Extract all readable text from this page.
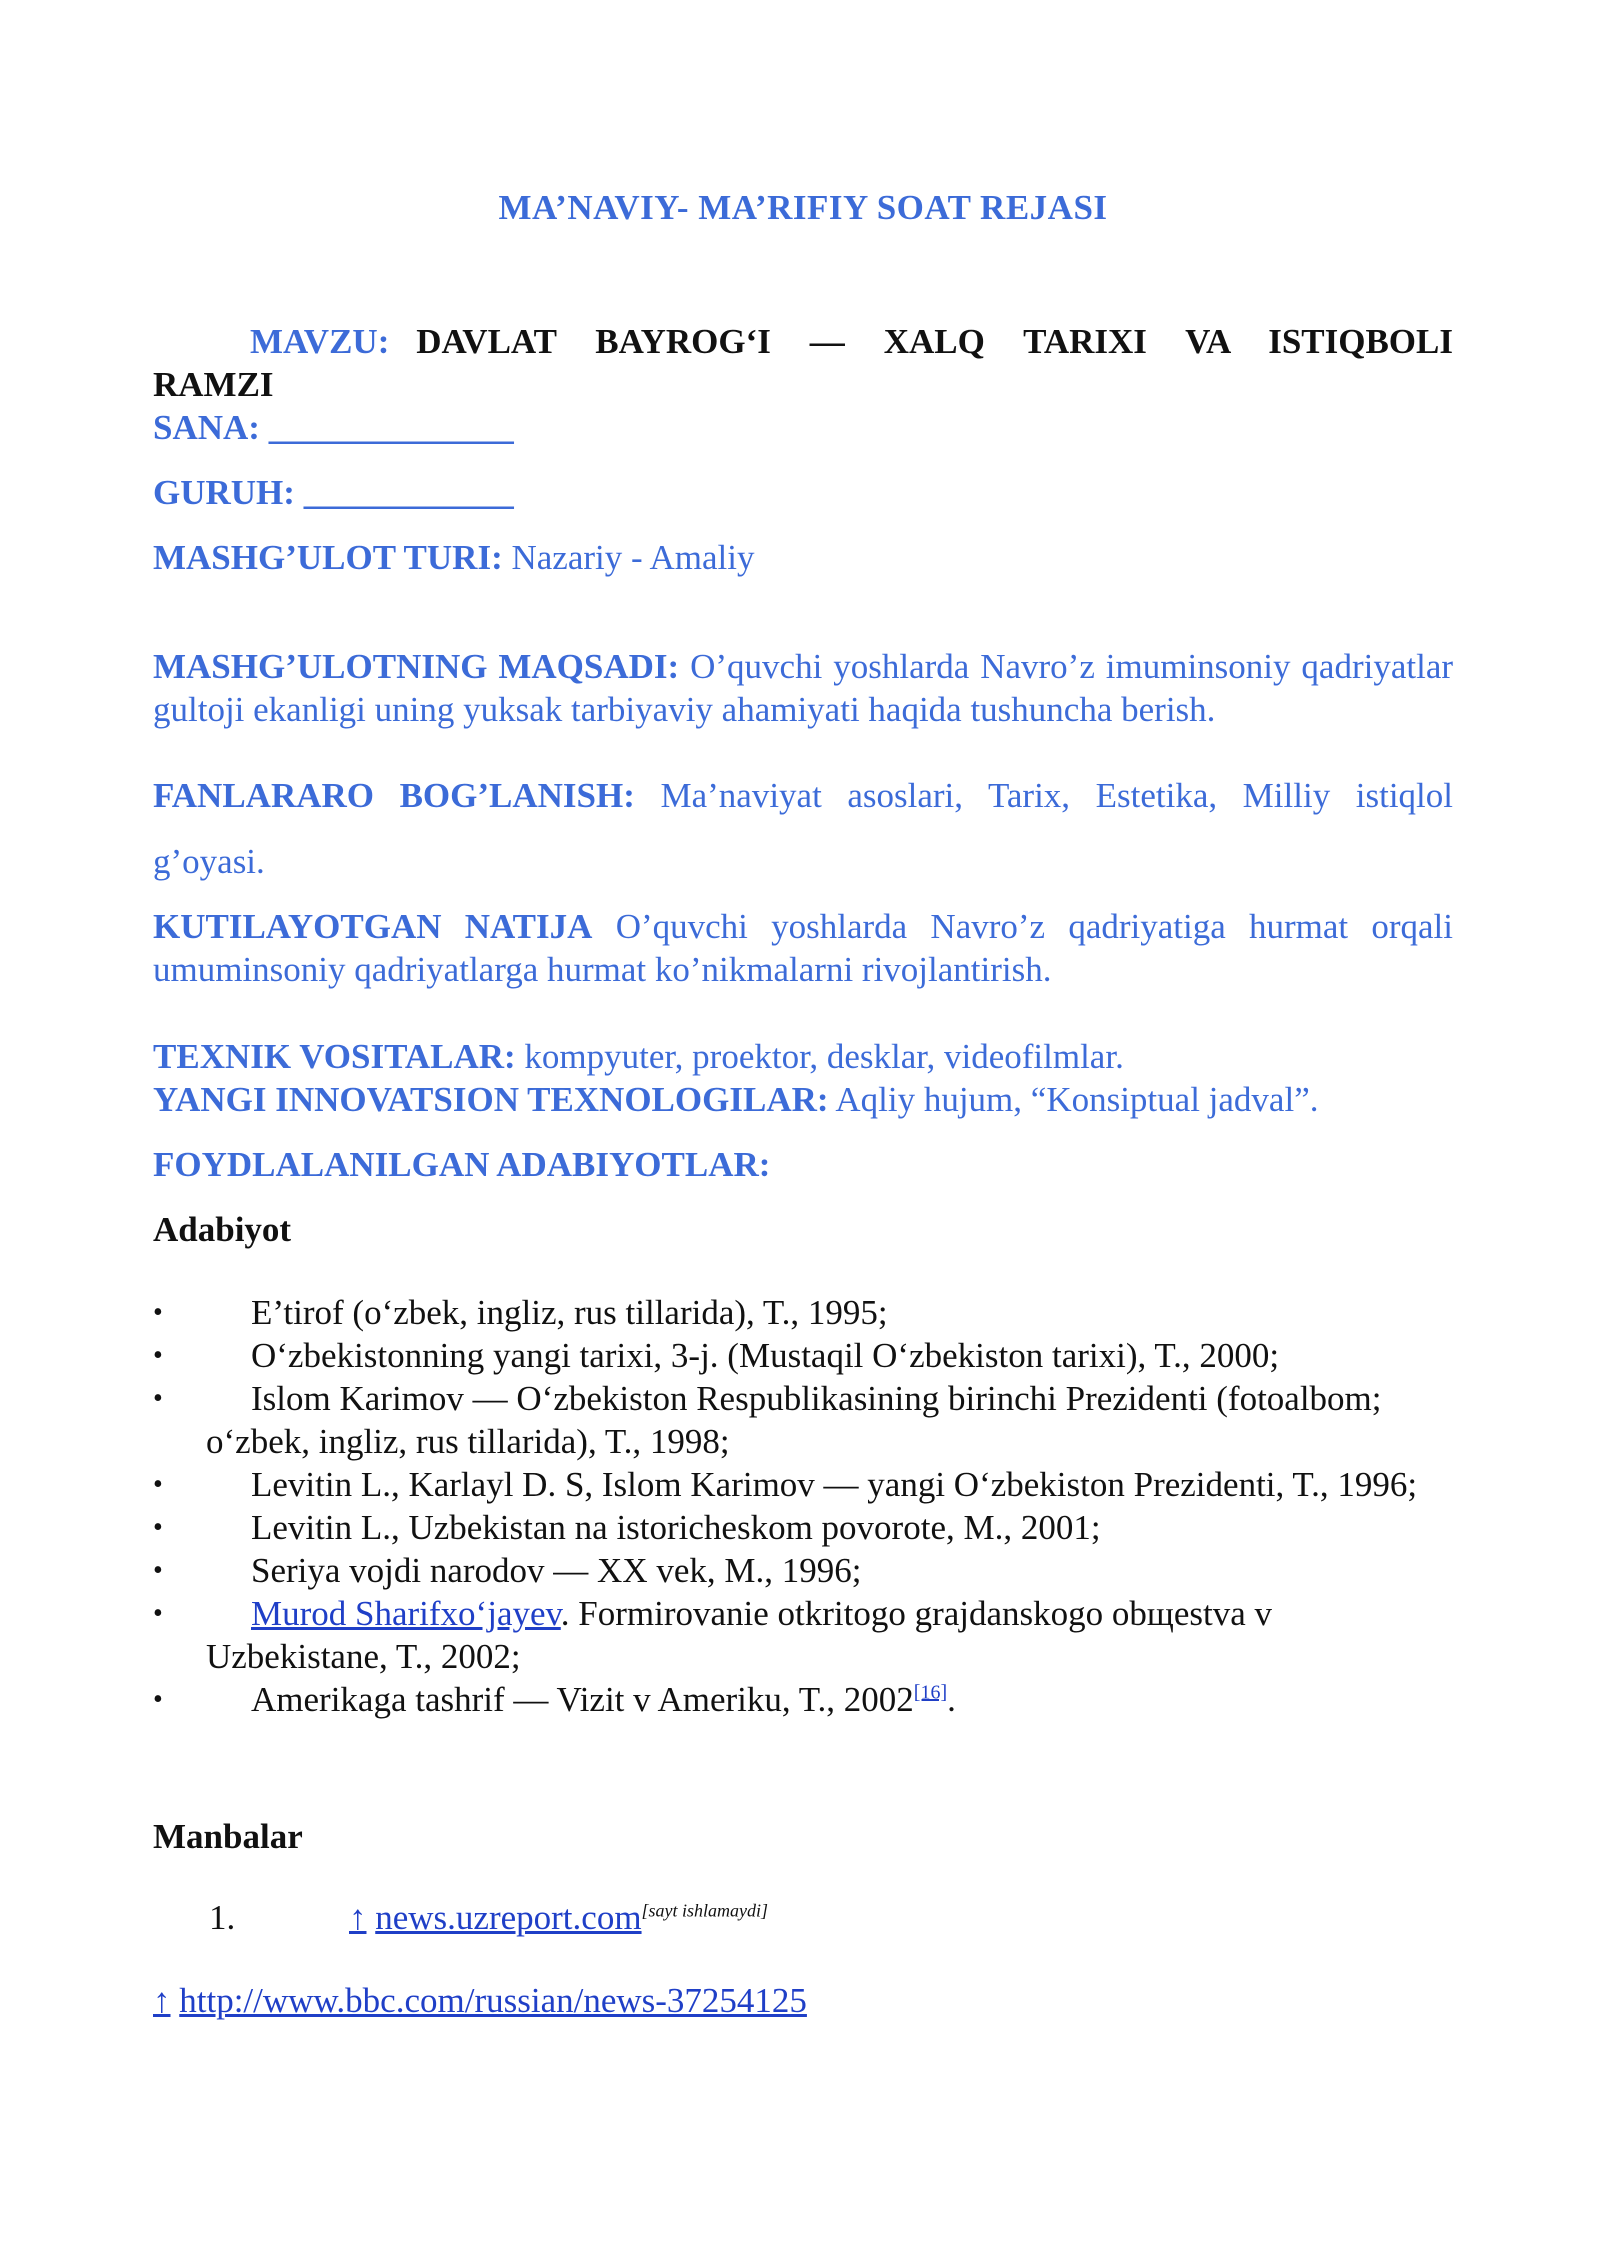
MA’NAVIY- MA’RIFIY SOAT REJASI

MAVZU: DAVLAT BAYROG‘I — XALQ TARIXI VA ISTIQBOLI RAMZI

SANA: ______________

GURUH: ____________

MASHG’ULOT TURI: Nazariy - Amaliy

MASHG’ULOTNING MAQSADI: O’quvchi yoshlarda Navro’z imuminsoniy qadriyatlar gultoji ekanligi uning yuksak tarbiyaviy ahamiyati haqida tushuncha berish.

FANLARARO BOG’LANISH: Ma’naviyat asoslari, Tarix, Estetika, Milliy istiqlol

g’oyasi.

KUTILAYOTGAN NATIJA O’quvchi yoshlarda Navro’z qadriyatiga hurmat orqali umuminsoniy qadriyatlarga hurmat ko’nikmalarni rivojlantirish.

TEXNIK VOSITALAR: kompyuter, proektor, desklar, videofilmlar.

YANGI INNOVATSION TEXNOLOGILAR: Aqliy hujum, “Konsiptual jadval”.

FOYDLALANILGAN ADABIYOTLAR:

Adabiyot

•	E’tirof (o‘zbek, ingliz, rus tillarida), T., 1995;
•	O‘zbekistonning yangi tarixi, 3-j. (Mustaqil O‘zbekiston tarixi), T., 2000;
•	Islom Karimov — O‘zbekiston Respublikasining birinchi Prezidenti (fotoalbom; o‘zbek, ingliz, rus tillarida), T., 1998;
•	Levitin L., Karlayl D. S, Islom Karimov — yangi O‘zbekiston Prezidenti, T., 1996;
•	Levitin L., Uzbekistan na istoricheskom povorote, M., 2001;
•	Seriya vojdi narodov — XX vek, M., 1996;
•	Murod Sharifxo‘jayev. Formirovanie otkritogo grajdanskogo obщestva v Uzbekistane, T., 2002;
•	Amerikaga tashrif — Vizit v Ameriku, T., 2002[16].

Manbalar

1.	↑ news.uzreport.com[sayt ishlamaydi]

↑ http://www.bbc.com/russian/news-37254125
